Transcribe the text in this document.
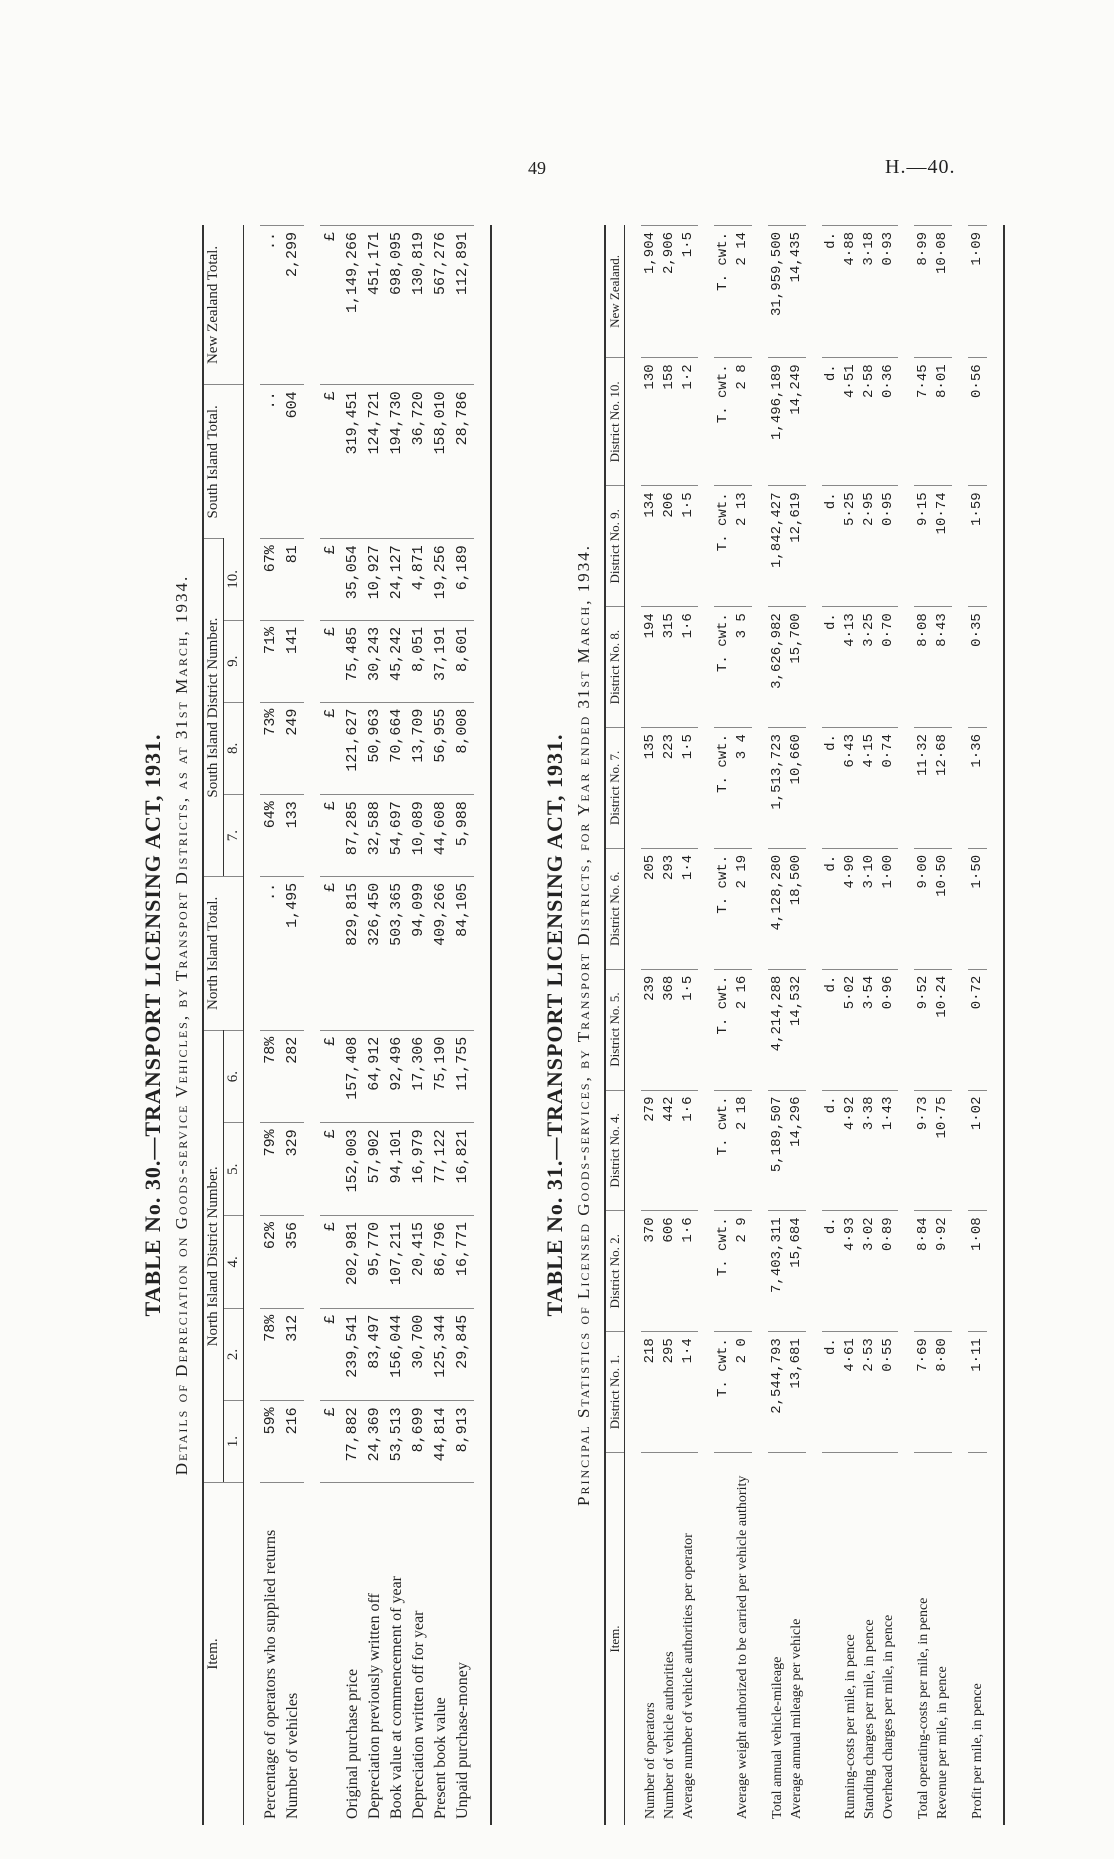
49	H.—40.
TABLE No. 30.—TRANSPORT LICENSING ACT, 1931. Details of Depreciation on Goods-service Vehicles, by Transport Districts, as at 31st March, 1934.
Item.	North Island District Number.					North Island Total.	South Island District Number.				South Island Total.	New Zealand Total.
	1.	2.	4.	5.	6.		7.	8.	9.	10.		

Percentage of operators who supplied returns	59%	78%	62%	79%	78%	..	64%	73%	71%	67%	..	..
Number of vehicles	216	312	356	329	282	1,495	133	249	141	81	604	2,299

	£	£	£	£	£	£	£	£	£	£	£	£
Original purchase price	77,882	239,541	202,981	152,003	157,408	829,815	87,285	121,627	75,485	35,054	319,451	1,149,266
Depreciation previously written off	24,369	83,497	95,770	57,902	64,912	326,450	32,588	50,963	30,243	10,927	124,721	451,171
Book value at commencement of year	53,513	156,044	107,211	94,101	92,496	503,365	54,697	70,664	45,242	24,127	194,730	698,095
Depreciation written off for year	8,699	30,700	20,415	16,979	17,306	94,099	10,089	13,709	8,051	4,871	36,720	130,819
Present book value	44,814	125,344	86,796	77,122	75,190	409,266	44,608	56,955	37,191	19,256	158,010	567,276
Unpaid purchase-money	8,913	29,845	16,771	16,821	11,755	84,105	5,988	8,008	8,601	6,189	28,786	112,891

TABLE No. 31.—TRANSPORT LICENSING ACT, 1931. Principal Statistics of Licensed Goods-services, by Transport Districts, for Year ended 31st March, 1934.
Item.	District No. 1.	District No. 2.	District No. 4.	District No. 5.	District No. 6.	District No. 7.	District No. 8.	District No. 9.	District No. 10.	New Zealand.

Number of operators	218	370	279	239	205	135	194	134	130	1,904
Number of vehicle authorities	295	606	442	368	293	223	315	206	158	2,906
Average number of vehicle authorities per operator	1·4	1·6	1·6	1·5	1·4	1·5	1·6	1·5	1·2	1·5

	T. cwt.	T. cwt.	T. cwt.	T. cwt.	T. cwt.	T. cwt.	T. cwt.	T. cwt.	T. cwt.	T. cwt.
Average weight authorized to be carried per vehicle authority	2 0	2 9	2 18	2 16	2 19	3 4	3 5	2 13	2 8	2 14

Total annual vehicle-mileage	2,544,793	7,403,311	5,189,507	4,214,288	4,128,280	1,513,723	3,626,982	1,842,427	1,496,189	31,959,500
Average annual mileage per vehicle	13,681	15,684	14,296	14,532	18,500	10,660	15,700	12,619	14,249	14,435

	d.	d.	d.	d.	d.	d.	d.	d.	d.	d.
Running-costs per mile, in pence	4·61	4·93	4·92	5·02	4·90	6·43	4·13	5·25	4·51	4·88
Standing charges per mile, in pence	2·53	3·02	3·38	3·54	3·10	4·15	3·25	2·95	2·58	3·18
Overhead charges per mile, in pence	0·55	0·89	1·43	0·96	1·00	0·74	0·70	0·95	0·36	0·93

Total operating-costs per mile, in pence	7·69	8·84	9·73	9·52	9·00	11·32	8·08	9·15	7·45	8·99
Revenue per mile, in pence	8·80	9·92	10·75	10·24	10·50	12·68	8·43	10·74	8·01	10·08

Profit per mile, in pence	1·11	1·08	1·02	0·72	1·50	1·36	0·35	1·59	0·56	1·09
